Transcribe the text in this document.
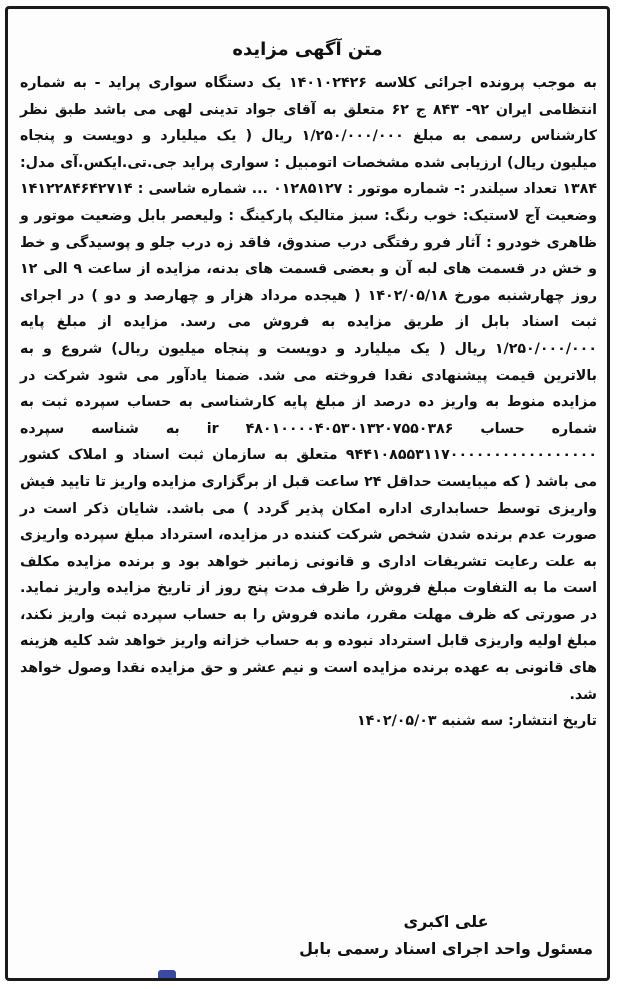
متن آگهی مزایده

به موجب پرونده اجرائی کلاسه ۱۴۰۱۰۲۴۲۶ یک دستگاه سواری پراید - به شماره انتظامی ایران ۹۲- ۸۴۳ ج ۶۲ متعلق به آقای جواد تدینی لهی می باشد طبق نظر کارشناس رسمی به مبلغ ۱/۲۵۰/۰۰۰/۰۰۰ ریال ( یک میلیارد و دویست و پنجاه میلیون ریال) ارزیابی شده مشخصات اتومبیل : سواری پراید جی.تی.ایکس.آی مدل: ۱۳۸۴ تعداد سیلندر :- شماره موتور : ۰۱۲۸۵۱۲۷ ... شماره شاسی : ۱۴۱۲۲۸۴۶۴۲۷۱۴ وضعیت آج لاستیک: خوب رنگ: سبز متالیک پارکینگ : ولیعصر بابل وضعیت موتور و ظاهری خودرو : آثار فرو رفتگی درب صندوق، فاقد زه درب جلو و پوسیدگی و خط و خش در قسمت های لبه آن و بعضی قسمت های بدنه، مزایده از ساعت ۹ الی ۱۲ روز چهارشنبه مورخ ۱۴۰۲/۰۵/۱۸ ( هیجده مرداد هزار و چهارصد و دو ) در اجرای ثبت اسناد بابل از طریق مزایده به فروش می رسد. مزایده از مبلغ پایه ۱/۲۵۰/۰۰۰/۰۰۰ ریال ( یک میلیارد و دویست و پنجاه میلیون ریال) شروع و به بالاترین قیمت پیشنهادی نقدا فروخته می شد. ضمنا یادآور می شود شرکت در مزایده منوط به واریز ده درصد از مبلغ پایه کارشناسی به حساب سپرده ثبت به شماره حساب ir ۴۸۰۱۰۰۰۰۴۰۵۳۰۱۳۲۰۷۵۵۰۳۸۶ به شناسه سپرده ۹۴۴۱۰۸۵۵۳۱۱۷۰۰۰۰۰۰۰۰۰۰۰۰۰۰۰۰۰ متعلق به سازمان ثبت اسناد و املاک کشور می باشد ( که میبایست حداقل ۲۴ ساعت قبل از برگزاری مزایده واریز تا تایید فیش واریزی توسط حسابداری اداره امکان پذیر گردد ) می باشد. شایان ذکر است در صورت عدم برنده شدن شخص شرکت کننده در مزایده، استرداد مبلغ سپرده واریزی به علت رعایت تشریفات اداری و قانونی زمانبر خواهد بود و برنده مزایده مکلف است ما به التفاوت مبلغ فروش را ظرف مدت پنج روز از تاریخ مزایده واریز نماید. در صورتی که ظرف مهلت مقرر، مانده فروش را به حساب سپرده ثبت واریز نکند، مبلغ اولیه واریزی قابل استرداد نبوده و به حساب خزانه واریز خواهد شد کلیه هزینه های قانونی به عهده برنده مزایده است و نیم عشر و حق مزایده نقدا وصول خواهد شد.

تاریخ انتشار: سه شنبه ۱۴۰۲/۰۵/۰۳
علی اکبری
مسئول واحد اجرای اسناد رسمی بابل
